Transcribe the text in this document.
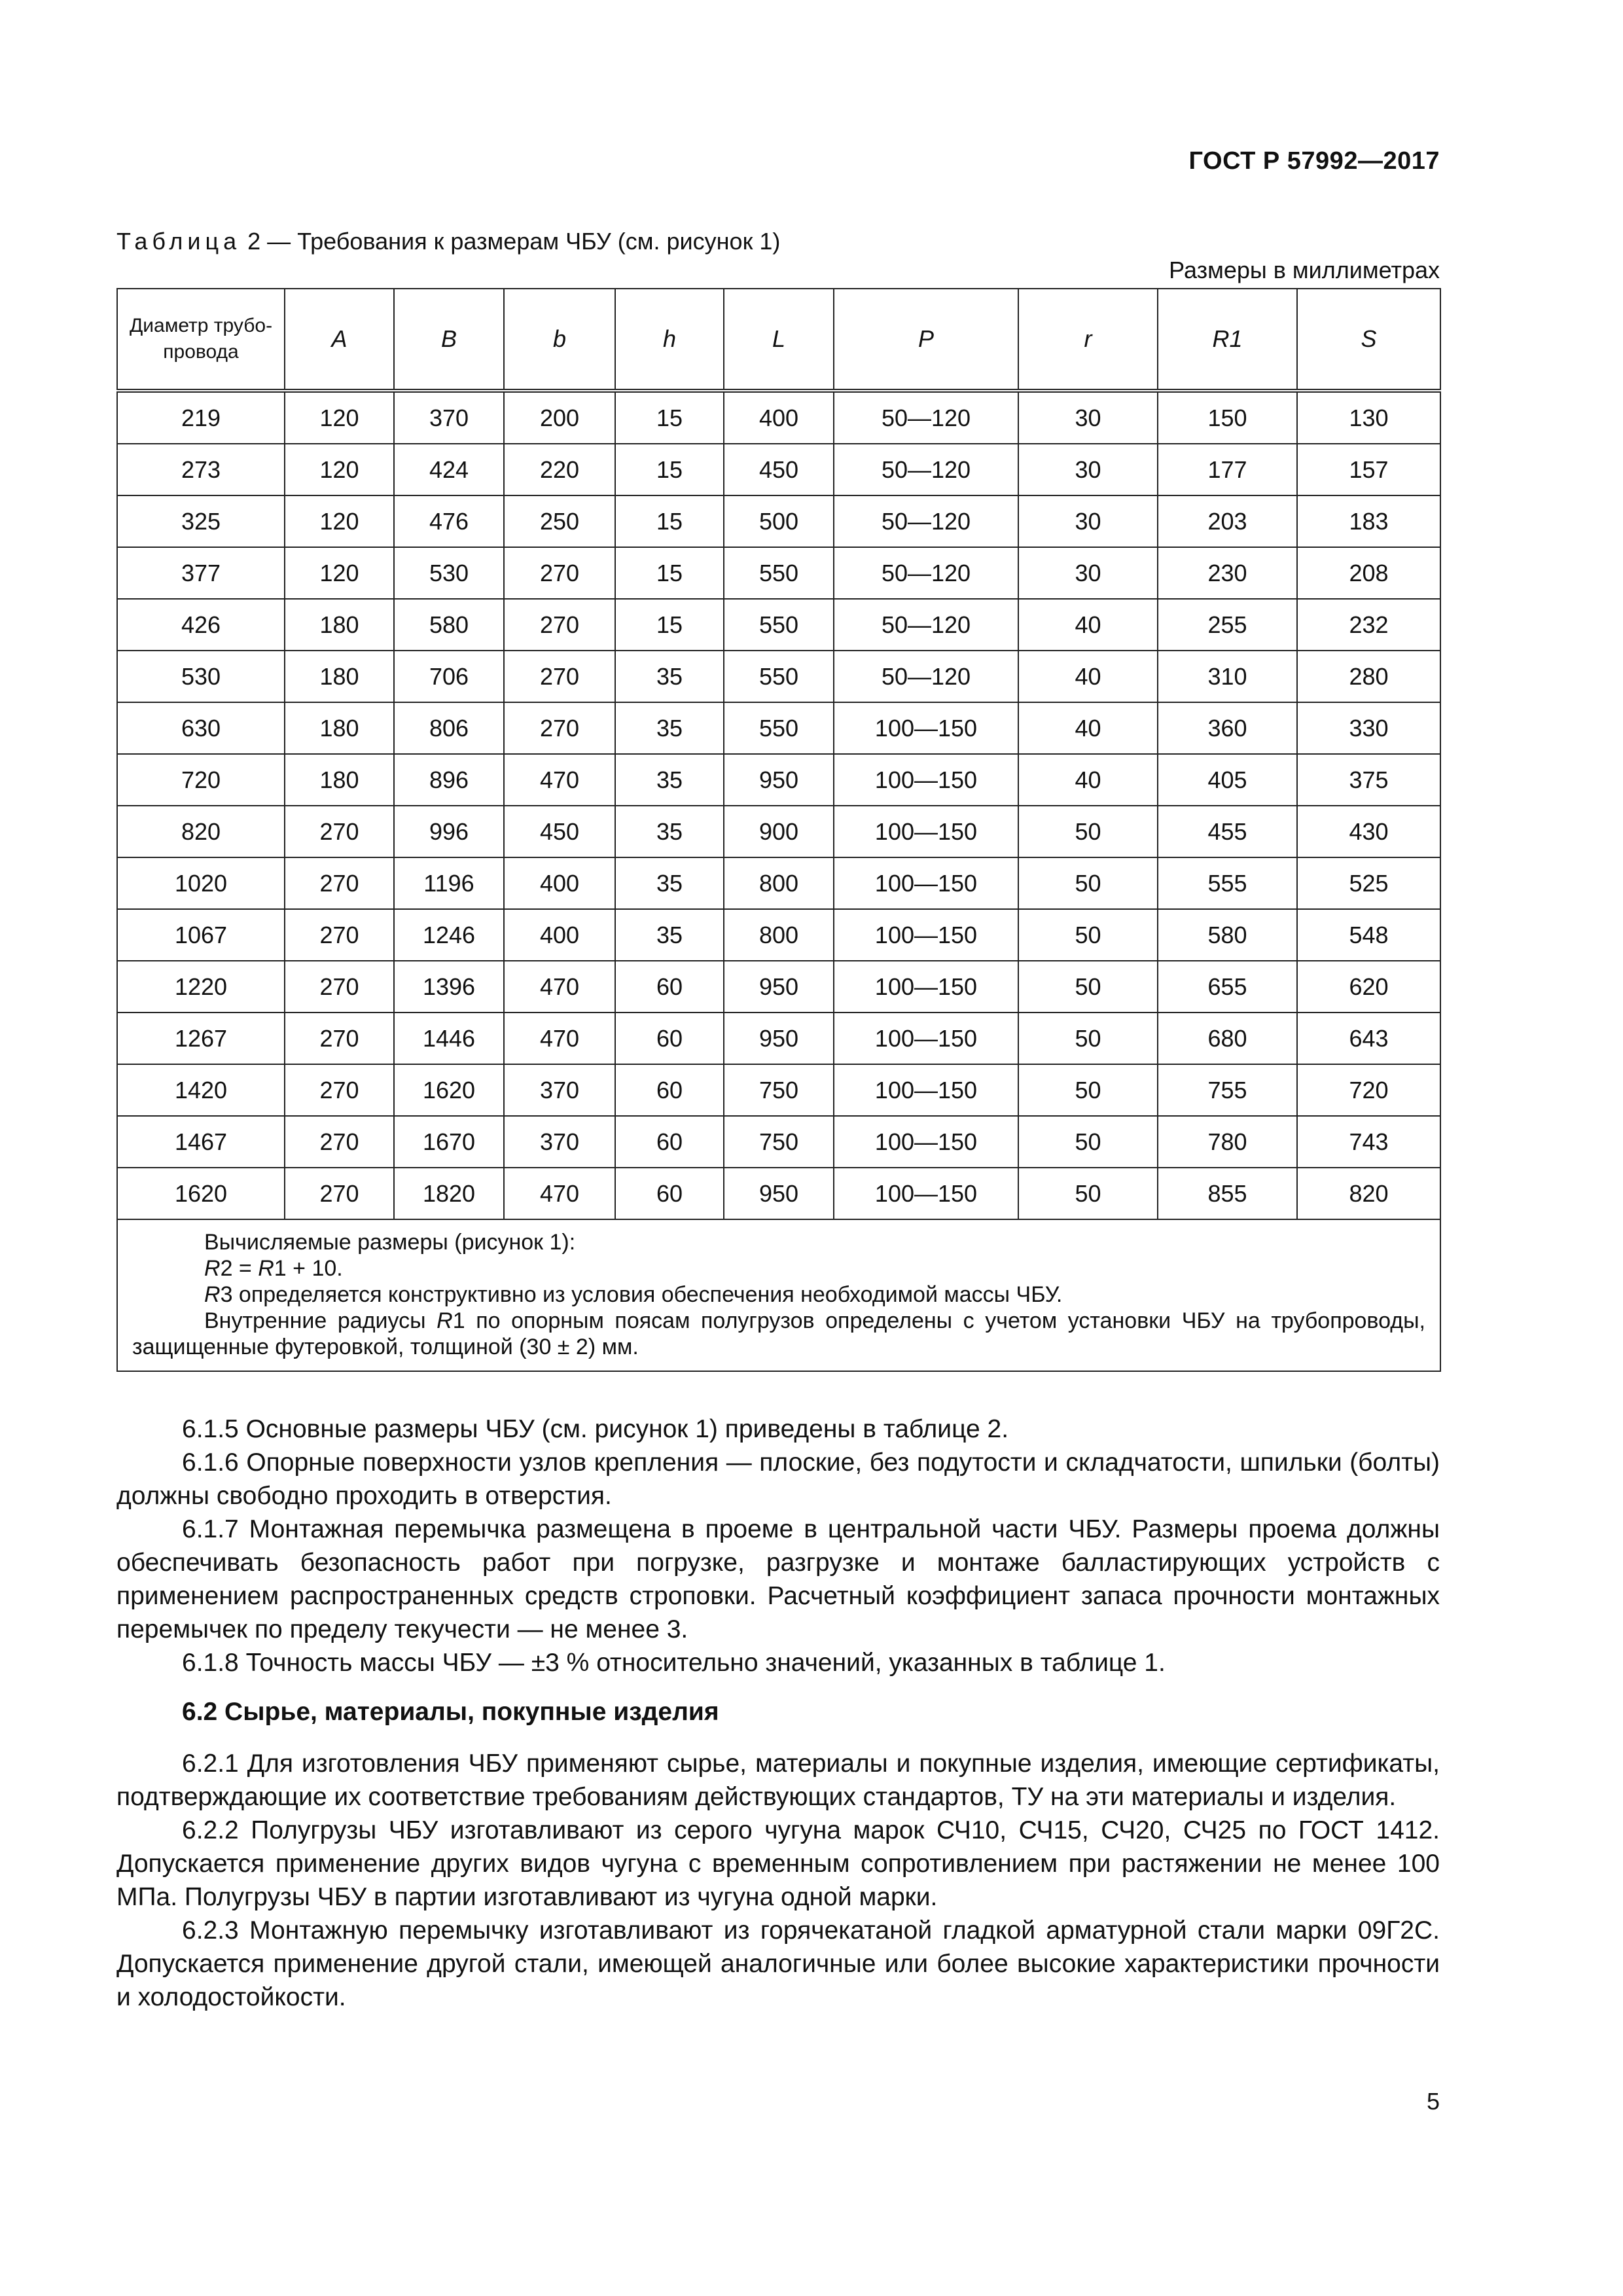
ГОСТ Р 57992—2017
Таблица 2 — Требования к размерам ЧБУ (см. рисунок 1)
Размеры в миллиметрах
Диаметр трубо- провода	A	B	b	h	L	P	r	R1	S
219	120	370	200	15	400	50—120	30	150	130
273	120	424	220	15	450	50—120	30	177	157
325	120	476	250	15	500	50—120	30	203	183
377	120	530	270	15	550	50—120	30	230	208
426	180	580	270	15	550	50—120	40	255	232
530	180	706	270	35	550	50—120	40	310	280
630	180	806	270	35	550	100—150	40	360	330
720	180	896	470	35	950	100—150	40	405	375
820	270	996	450	35	900	100—150	50	455	430
1020	270	1196	400	35	800	100—150	50	555	525
1067	270	1246	400	35	800	100—150	50	580	548
1220	270	1396	470	60	950	100—150	50	655	620
1267	270	1446	470	60	950	100—150	50	680	643
1420	270	1620	370	60	750	100—150	50	755	720
1467	270	1670	370	60	750	100—150	50	780	743
1620	270	1820	470	60	950	100—150	50	855	820

Вычисляемые размеры (рисунок 1):

R2 = R1 + 10.

R3 определяется конструктивно из условия обеспечения необходимой массы ЧБУ.

Внутренние радиусы R1 по опорным поясам полугрузов определены с учетом установки ЧБУ на трубопроводы, защищенные футеровкой, толщиной (30 ± 2) мм.									

6.1.5 Основные размеры ЧБУ (см. рисунок 1) приведены в таблице 2.

6.1.6 Опорные поверхности узлов крепления — плоские, без подутости и складчатости, шпильки (болты) должны свободно проходить в отверстия.

6.1.7 Монтажная перемычка размещена в проеме в центральной части ЧБУ. Размеры проема должны обеспечивать безопасность работ при погрузке, разгрузке и монтаже балластирующих устройств с применением распространенных средств строповки. Расчетный коэффициент запаса прочности монтажных перемычек по пределу текучести — не менее 3.

6.1.8 Точность массы ЧБУ — ±3 % относительно значений, указанных в таблице 1.

6.2 Сырье, материалы, покупные изделия

6.2.1 Для изготовления ЧБУ применяют сырье, материалы и покупные изделия, имеющие сертификаты, подтверждающие их соответствие требованиям действующих стандартов, ТУ на эти материалы и изделия.

6.2.2 Полугрузы ЧБУ изготавливают из серого чугуна марок СЧ10, СЧ15, СЧ20, СЧ25 по ГОСТ 1412. Допускается применение других видов чугуна с временным сопротивлением при растяжении не менее 100 МПа. Полугрузы ЧБУ в партии изготавливают из чугуна одной марки.

6.2.3 Монтажную перемычку изготавливают из горячекатаной гладкой арматурной стали марки 09Г2С. Допускается применение другой стали, имеющей аналогичные или более высокие характеристики прочности и холодостойкости.

5
